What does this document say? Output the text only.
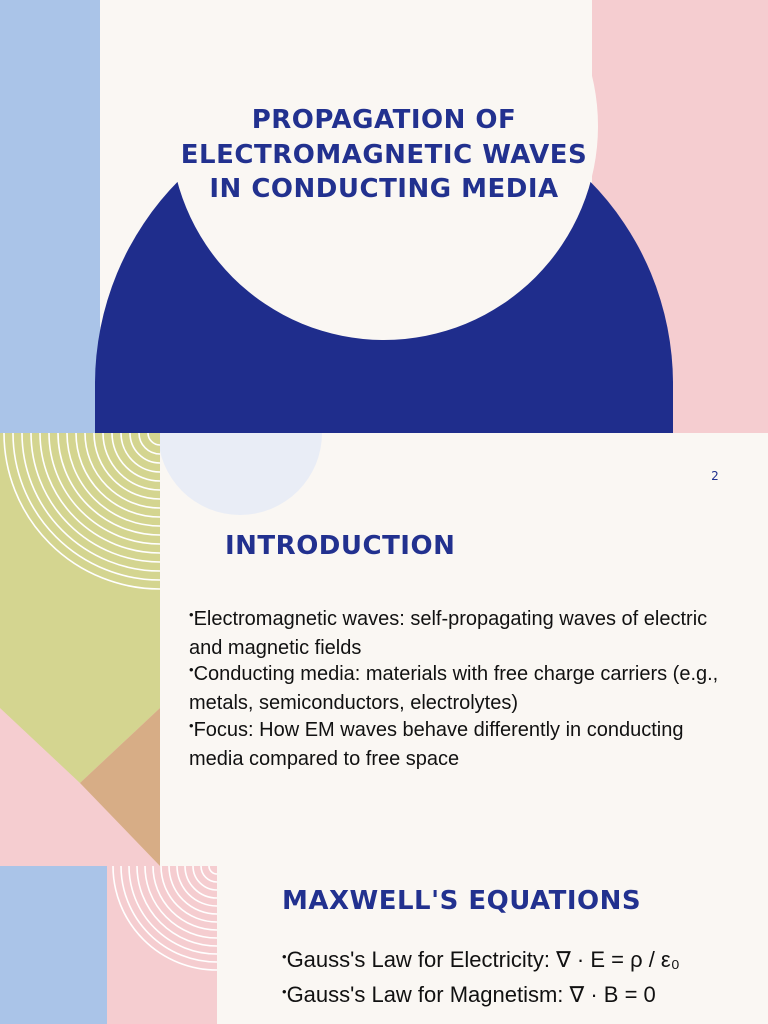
PROPAGATION OF ELECTROMAGNETIC WAVES IN CONDUCTING MEDIA
2
INTRODUCTION
•Electromagnetic waves: self-propagating waves of electric and magnetic fields
•Conducting media: materials with free charge carriers (e.g., metals, semiconductors, electrolytes)
•Focus: How EM waves behave differently in conducting media compared to free space
MAXWELL'S EQUATIONS
•Gauss's Law for Electricity: ∇ · E = ρ / ε₀
•Gauss's Law for Magnetism: ∇ · B = 0
